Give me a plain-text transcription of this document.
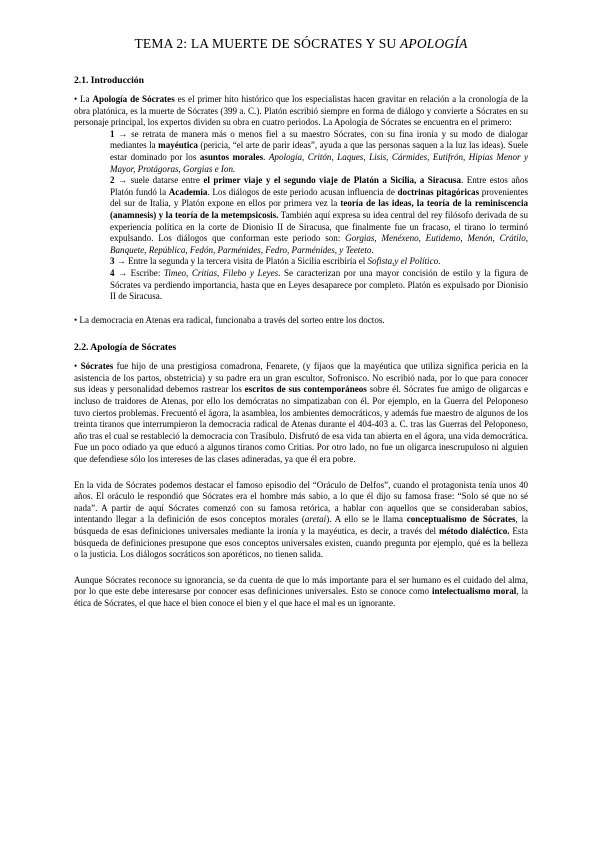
TEMA 2: LA MUERTE DE SÓCRATES Y SU APOLOGÍA
2.1. Introducción

• La Apología de Sócrates es el primer hito histórico que los especialistas hacen gravitar en relación a la cronología de la obra platónica, es la muerte de Sócrates (399 a. C.). Platón escribió siempre en forma de diálogo y convierte a Sócrates en su personaje principal, los expertos dividen su obra en cuatro periodos. La Apología de Sócrates se encuentra en el primero:

1 → se retrata de manera más o menos fiel a su maestro Sócrates, con su fina ironía y su modo de dialogar mediantes la mayéutica (pericia, “el arte de parir ideas”, ayuda a que las personas saquen a la luz las ideas). Suele estar dominado por los asuntos morales. Apología, Critón, Laques, Lisis, Cármides, Eutifrón, Hipias Menor y Mayor, Protágoras, Gorgias e Ion.

2 → suele datarse entre el primer viaje y el segundo viaje de Platón a Sicilia, a Siracusa. Entre estos años Platón fundó la Academia. Los diálogos de este periodo acusan influencia de doctrinas pitagóricas provenientes del sur de Italia, y Platón expone en ellos por primera vez la teoría de las ideas, la teoría de la reminiscencia (anamnesis) y la teoría de la metempsicosis. También aquí expresa su idea central del rey filósofo derivada de su experiencia política en la corte de Dionisio II de Siracusa, que finalmente fue un fracaso, el tirano lo terminó expulsando. Los diálogos que conforman este periodo son: Gorgias, Menéxeno, Eutidemo, Menón, Crátilo, Banquete, República, Fedón, Parménides, Fedro, Parménides, y Teeteto.

3 → Entre la segunda y la tercera visita de Platón a Sicilia escribiría el Sofista,y el Político.

4 → Escribe: Timeo, Critias, Filebo y Leyes. Se caracterizan por una mayor concisión de estilo y la figura de Sócrates va perdiendo importancia, hasta que en Leyes desaparece por completo. Platón es expulsado por Dionisio II de Siracusa.

• La democracia en Atenas era radical, funcionaba a través del sorteo entre los doctos.

2.2. Apología de Sócrates

• Sócrates fue hijo de una prestigiosa comadrona, Fenarete, (y fíjaos que la mayéutica que utiliza significa pericia en la asistencia de los partos, obstetricia) y su padre era un gran escultor, Sofronisco. No escribió nada, por lo que para conocer sus ideas y personalidad debemos rastrear los escritos de sus contemporáneos sobre él. Sócrates fue amigo de oligarcas e incluso de traidores de Atenas, por ello los demócratas no simpatizaban con él. Por ejemplo, en la Guerra del Peloponeso tuvo ciertos problemas. Frecuentó el ágora, la asamblea, los ambientes democráticos, y además fue maestro de algunos de los treinta tiranos que interrumpieron la democracia radical de Atenas durante el 404-403 a. C. tras las Guerras del Peloponeso, año tras el cual se restableció la democracia con Trasíbulo. Disfrutó de esa vida tan abierta en el ágora, una vida democrática. Fue un poco odiado ya que educó a algunos tiranos como Critias. Por otro lado, no fue un oligarca inescrupuloso ni alguien que defendiese sólo los intereses de las clases adineradas, ya que él era pobre.

En la vida de Sócrates podemos destacar el famoso episodio del “Oráculo de Delfos”, cuando el protagonista tenía unos 40 años. El oráculo le respondió que Sócrates era el hombre más sabio, a lo que él dijo su famosa frase: “Solo sé que no sé nada”. A partir de aquí Sócrates comenzó con su famosa retórica, a hablar con aquellos que se consideraban sabios, intentando llegar a la definición de esos conceptos morales (aretai). A ello se le llama conceptualismo de Sócrates, la búsqueda de esas definiciones universales mediante la ironía y la mayéutica, es decir, a través del método dialéctico. Esta búsqueda de definiciones presupone que esos conceptos universales existen, cuando pregunta por ejemplo, qué es la belleza o la justicia. Los diálogos socráticos son aporéticos, no tienen salida.

Aunque Sócrates reconoce su ignorancia, se da cuenta de que lo más importante para el ser humano es el cuidado del alma, por lo que este debe interesarse por conocer esas definiciones universales. Esto se conoce como intelectualismo moral, la ética de Sócrates, el que hace el bien conoce el bien y el que hace el mal es un ignorante.
